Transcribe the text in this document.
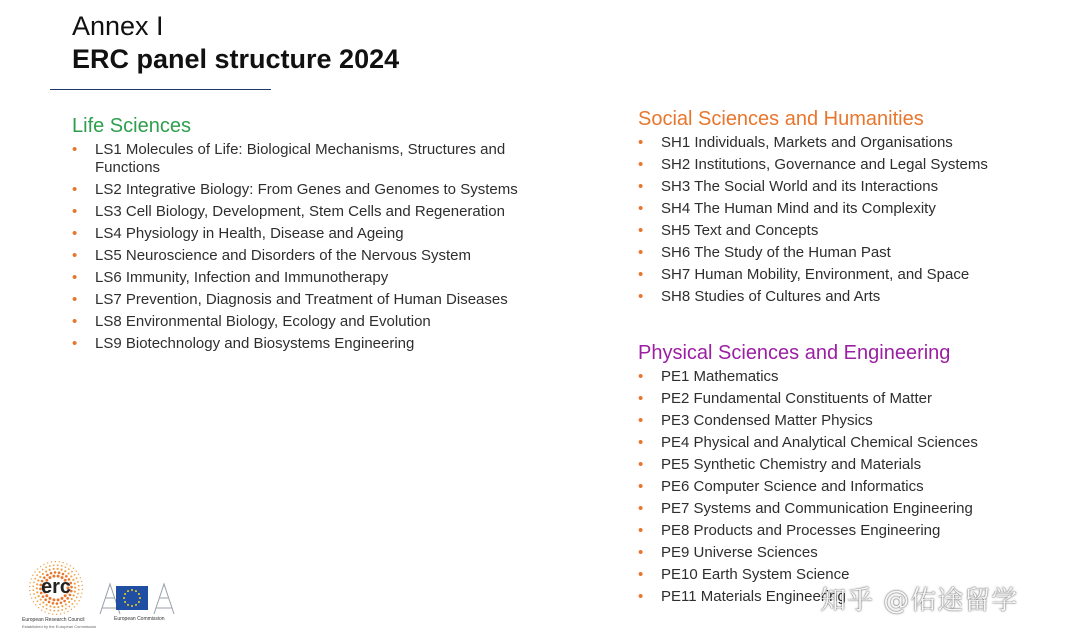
Annex I
ERC panel structure 2024
Life Sciences
• LS1 Molecules of Life: Biological Mechanisms, Structures and Functions
• LS2 Integrative Biology: From Genes and Genomes to Systems
• LS3 Cell Biology, Development, Stem Cells and Regeneration
• LS4 Physiology in Health, Disease and Ageing
• LS5 Neuroscience and Disorders of the Nervous System
• LS6 Immunity, Infection and Immunotherapy
• LS7 Prevention, Diagnosis and Treatment of Human Diseases
• LS8 Environmental Biology, Ecology and Evolution
• LS9 Biotechnology and Biosystems Engineering
Social Sciences and Humanities
• SH1 Individuals, Markets and Organisations
• SH2 Institutions, Governance and Legal Systems
• SH3 The Social World and its Interactions
• SH4 The Human Mind and its Complexity
• SH5 Text and Concepts
• SH6 The Study of the Human Past
• SH7 Human Mobility, Environment, and Space
• SH8 Studies of Cultures and Arts
Physical Sciences and Engineering
• PE1 Mathematics
• PE2 Fundamental Constituents of Matter
• PE3 Condensed Matter Physics
• PE4 Physical and Analytical Chemical Sciences
• PE5 Synthetic Chemistry and Materials
• PE6 Computer Science and Informatics
• PE7 Systems and Communication Engineering
• PE8 Products and Processes Engineering
• PE9 Universe Sciences
• PE10 Earth System Science
• PE11 Materials Engineering
erc
European Research Council
Established by the European Commission
European Commission
知乎 @佑途留学
